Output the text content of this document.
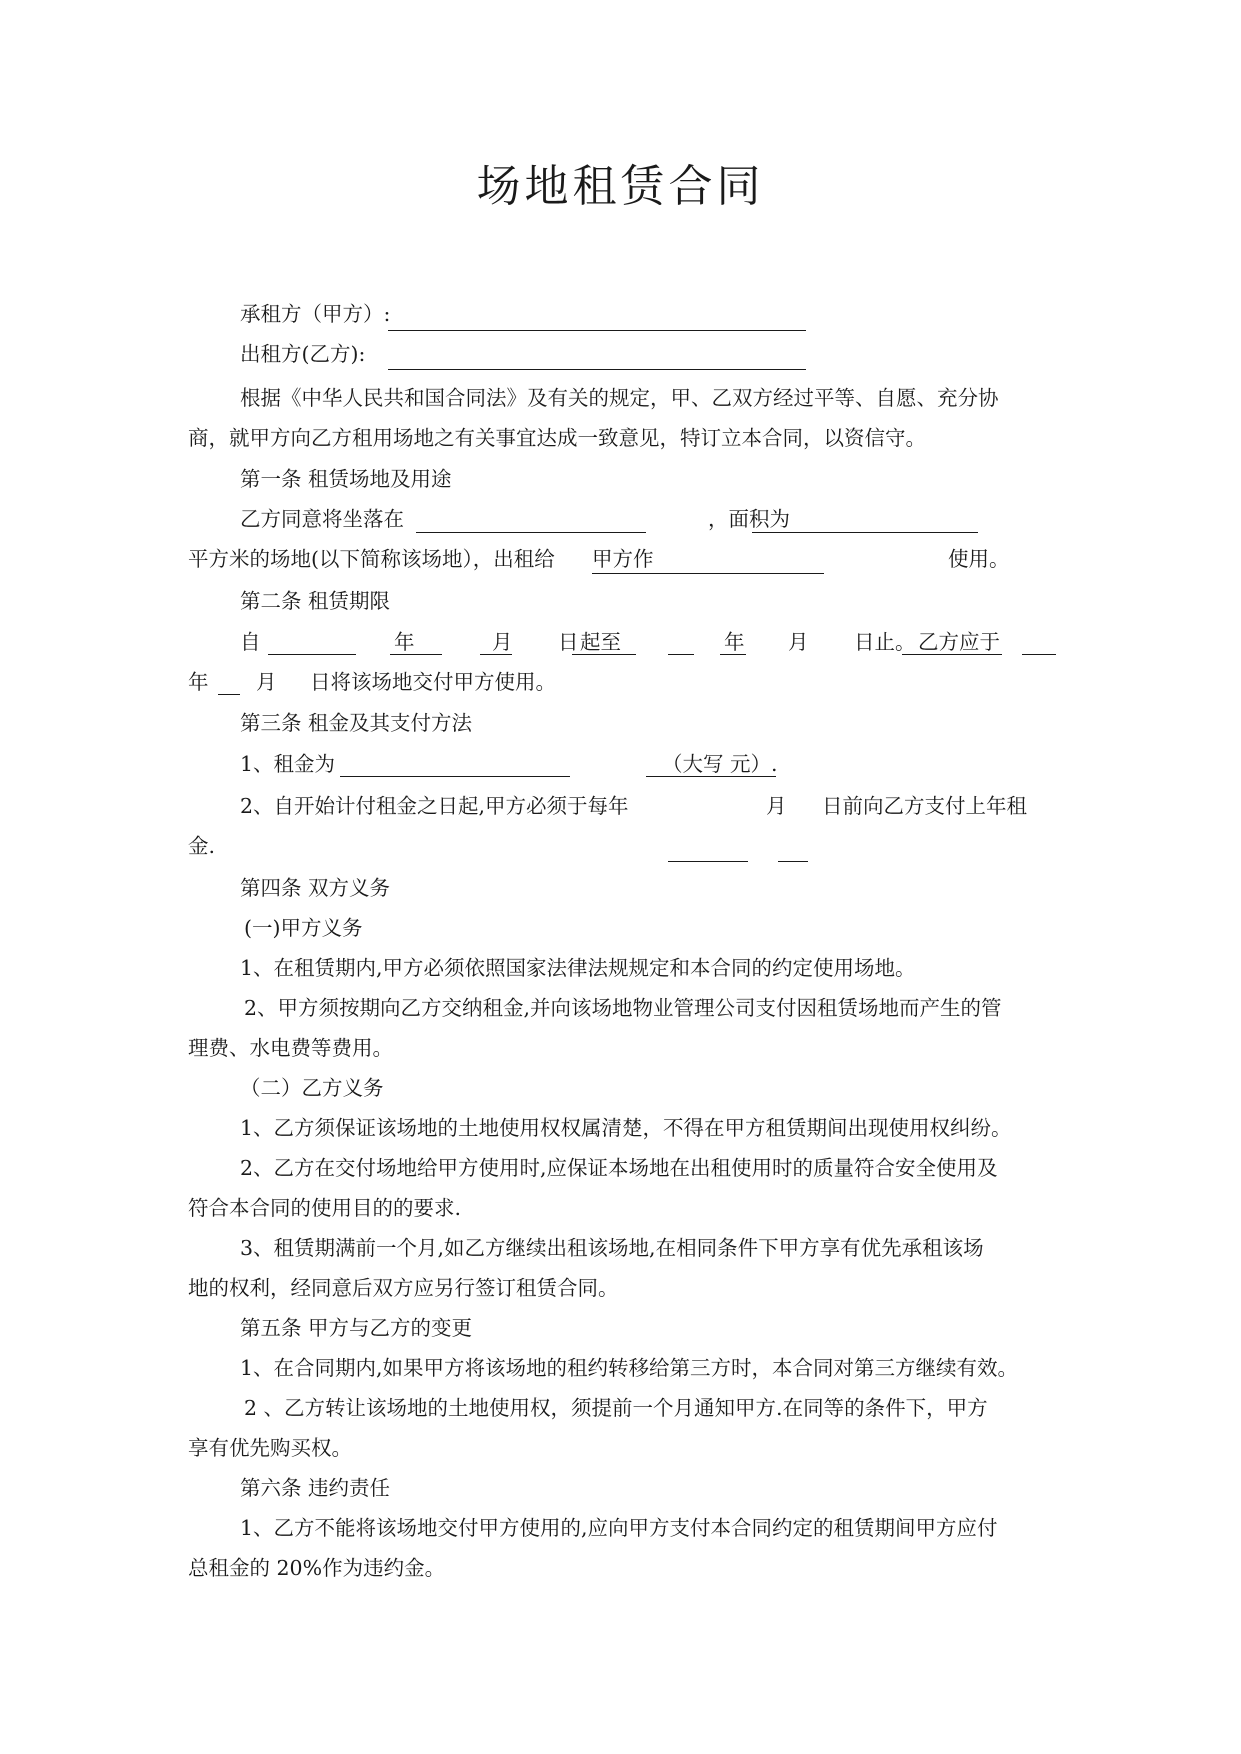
场地租赁合同
承租方（甲方）:
出租方(乙方):
根据《中华人民共和国合同法》及有关的规定，甲、乙双方经过平等、自愿、充分协
商，就甲方向乙方租用场地之有关事宜达成一致意见，特订立本合同，以资信守。
第一条 租赁场地及用途
乙方同意将坐落在	，面积为
平方米的场地(以下简称该场地），出租给 甲方作	使用。
第二条 租赁期限
自	年	月 日 起至	年 月 日止。 乙方应于
年 月 日将该场地交付甲方使用。
第三条 租金及其支付方法
1、租金为	（大写 元）.
2、自开始计付租金之日起,甲方必须于每年	月 日前向乙方支付上年租
金.
第四条 双方义务
(一)甲方义务
1、在租赁期内,甲方必须依照国家法律法规规定和本合同的约定使用场地。
2、甲方须按期向乙方交纳租金,并向该场地物业管理公司支付因租赁场地而产生的管
理费、水电费等费用。
（二）乙方义务
1、乙方须保证该场地的土地使用权权属清楚，不得在甲方租赁期间出现使用权纠纷。
2、乙方在交付场地给甲方使用时,应保证本场地在出租使用时的质量符合安全使用及
符合本合同的使用目的的要求.
3、租赁期满前一个月,如乙方继续出租该场地,在相同条件下甲方享有优先承租该场
地的权利，经同意后双方应另行签订租赁合同。
第五条 甲方与乙方的变更
1、在合同期内,如果甲方将该场地的租约转移给第三方时，本合同对第三方继续有效。
2 、乙方转让该场地的土地使用权，须提前一个月通知甲方.在同等的条件下，甲方
享有优先购买权。
第六条 违约责任
1、乙方不能将该场地交付甲方使用的,应向甲方支付本合同约定的租赁期间甲方应付
总租金的 20%作为违约金。
